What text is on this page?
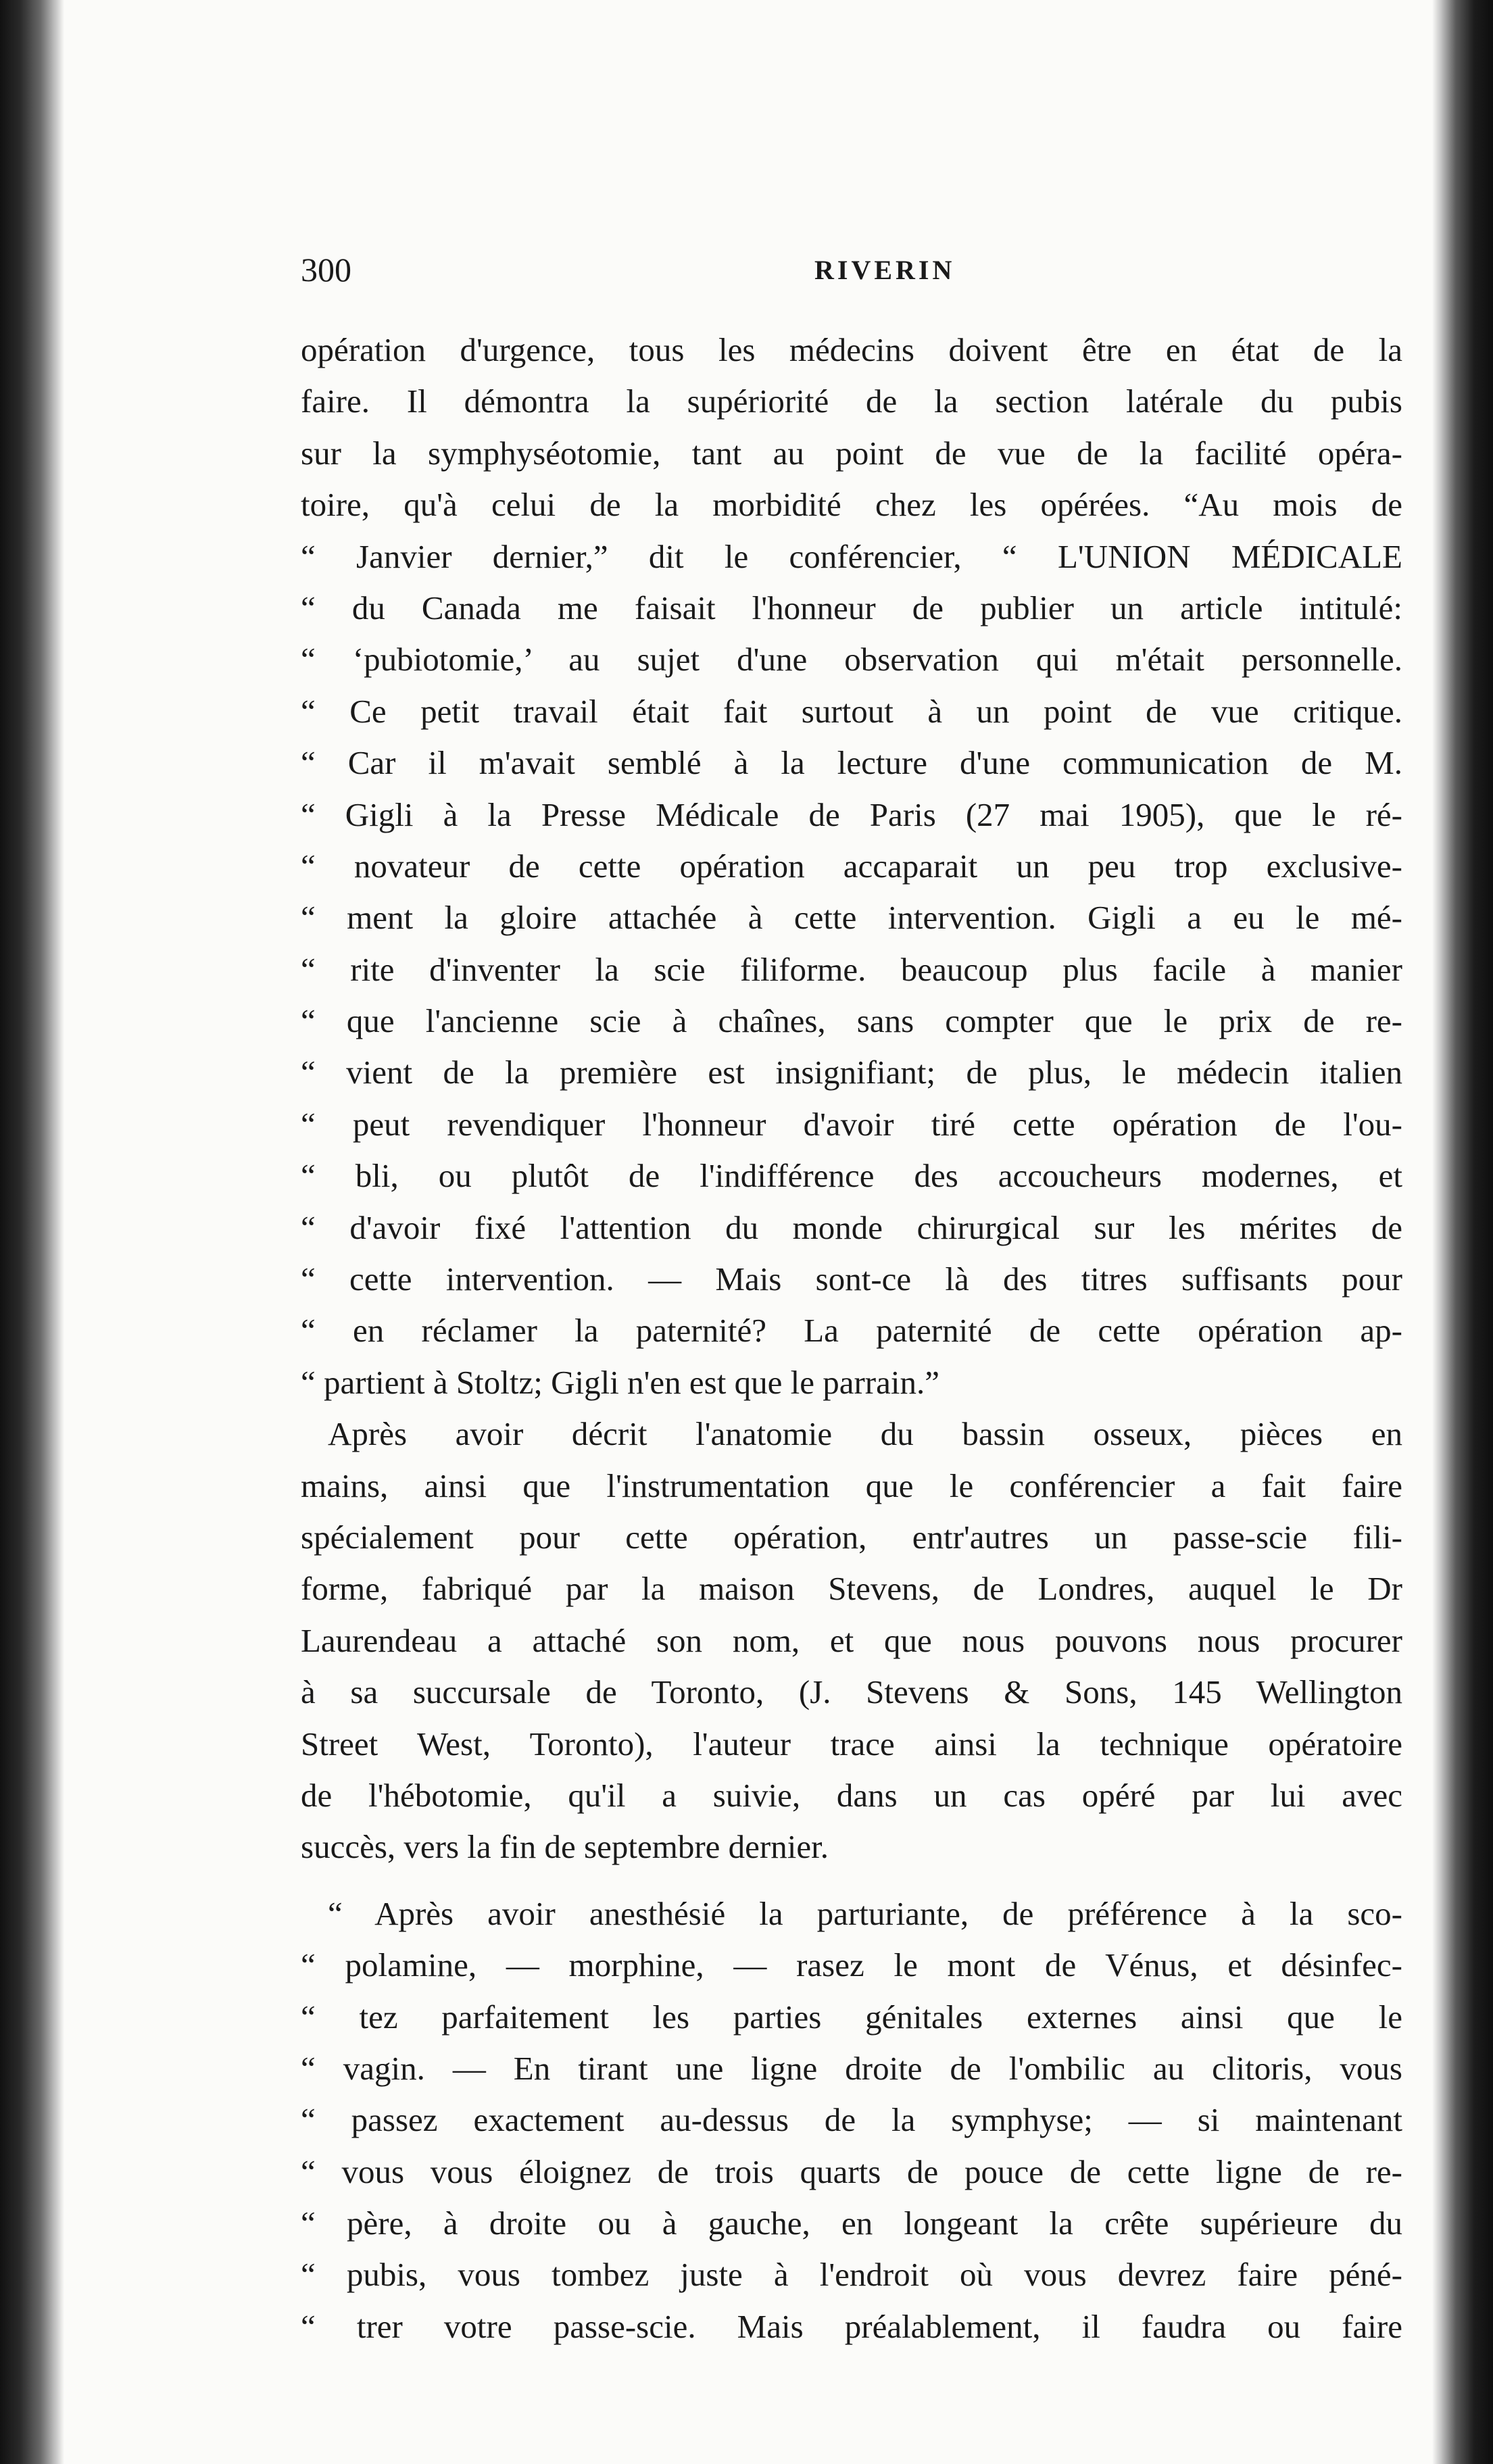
300	RIVERIN
opération d'urgence, tous les médecins doivent être en état de la
faire. Il démontra la supériorité de la section latérale du pubis
sur la symphyséotomie, tant au point de vue de la facilité opéra-
toire, qu'à celui de la morbidité chez les opérées. “Au mois de
“ Janvier dernier,” dit le conférencier, “ L'UNION MÉDICALE
“ du Canada me faisait l'honneur de publier un article intitulé:
“ ‘pubiotomie,’ au sujet d'une observation qui m'était personnelle.
“ Ce petit travail était fait surtout à un point de vue critique.
“ Car il m'avait semblé à la lecture d'une communication de M.
“ Gigli à la Presse Médicale de Paris (27 mai 1905), que le ré-
“ novateur de cette opération accaparait un peu trop exclusive-
“ ment la gloire attachée à cette intervention. Gigli a eu le mé-
“ rite d'inventer la scie filiforme. beaucoup plus facile à manier
“ que l'ancienne scie à chaînes, sans compter que le prix de re-
“ vient de la première est insignifiant; de plus, le médecin italien
“ peut revendiquer l'honneur d'avoir tiré cette opération de l'ou-
“ bli, ou plutôt de l'indifférence des accoucheurs modernes, et
“ d'avoir fixé l'attention du monde chirurgical sur les mérites de
“ cette intervention. — Mais sont-ce là des titres suffisants pour
“ en réclamer la paternité? La paternité de cette opération ap-
“ partient à Stoltz; Gigli n'en est que le parrain.”
Après avoir décrit l'anatomie du bassin osseux, pièces en
mains, ainsi que l'instrumentation que le conférencier a fait faire
spécialement pour cette opération, entr'autres un passe-scie fili-
forme, fabriqué par la maison Stevens, de Londres, auquel le Dr
Laurendeau a attaché son nom, et que nous pouvons nous procurer
à sa succursale de Toronto, (J. Stevens & Sons, 145 Wellington
Street West, Toronto), l'auteur trace ainsi la technique opératoire
de l'hébotomie, qu'il a suivie, dans un cas opéré par lui avec
succès, vers la fin de septembre dernier.
“ Après avoir anesthésié la parturiante, de préférence à la sco-
“ polamine, — morphine, — rasez le mont de Vénus, et désinfec-
“ tez parfaitement les parties génitales externes ainsi que le
“ vagin. — En tirant une ligne droite de l'ombilic au clitoris, vous
“ passez exactement au-dessus de la symphyse; — si maintenant
“ vous vous éloignez de trois quarts de pouce de cette ligne de re-
“ père, à droite ou à gauche, en longeant la crête supérieure du
“ pubis, vous tombez juste à l'endroit où vous devrez faire péné-
“ trer votre passe-scie. Mais préalablement, il faudra ou faire
